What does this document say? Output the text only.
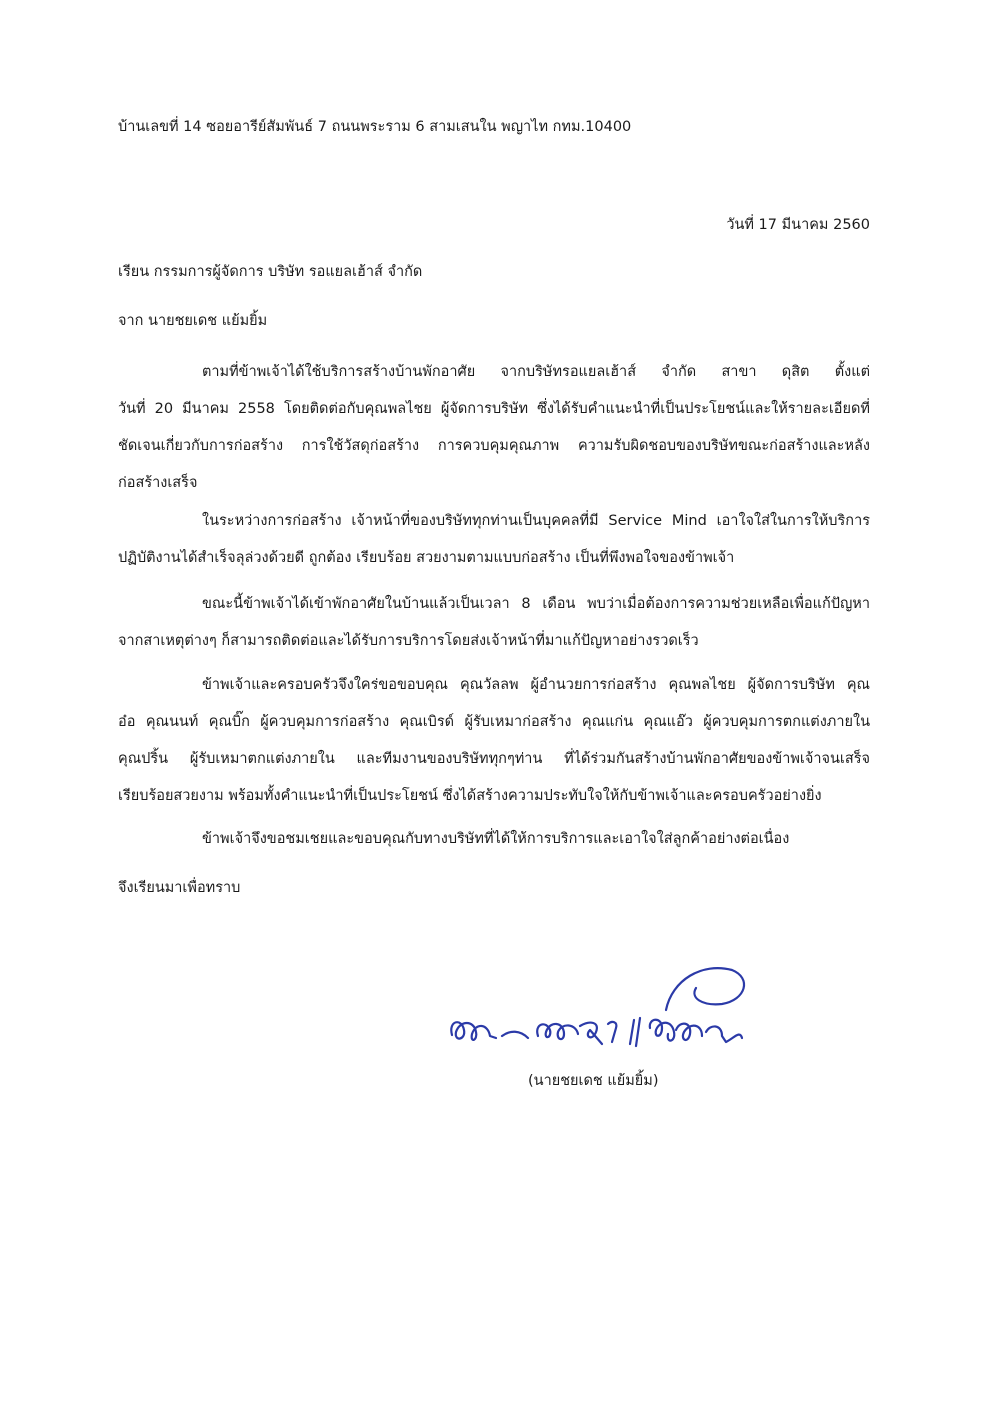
บ้านเลขที่ 14 ซอยอารีย์สัมพันธ์ 7 ถนนพระราม 6 สามเสนใน พญาไท กทม.10400
วันที่ 17 มีนาคม 2560
เรียน กรรมการผู้จัดการ บริษัท รอแยลเฮ้าส์ จำกัด
จาก นายชยเดช แย้มยิ้ม
ตามที่ข้าพเจ้าได้ใช้บริการสร้างบ้านพักอาศัย จากบริษัทรอแยลเฮ้าส์ จำกัด สาขา ดุสิต ตั้งแต่
วันที่ 20 มีนาคม 2558 โดยติดต่อกับคุณพลไชย ผู้จัดการบริษัท ซึ่งได้รับคำแนะนำที่เป็นประโยชน์และให้รายละเอียดที่
ชัดเจนเกี่ยวกับการก่อสร้าง การใช้วัสดุก่อสร้าง การควบคุมคุณภาพ ความรับผิดชอบของบริษัทขณะก่อสร้างและหลัง
ก่อสร้างเสร็จ
ในระหว่างการก่อสร้าง เจ้าหน้าที่ของบริษัททุกท่านเป็นบุคคลที่มี Service Mind เอาใจใส่ในการให้บริการ
ปฏิบัติงานได้สำเร็จลุล่วงด้วยดี ถูกต้อง เรียบร้อย สวยงามตามแบบก่อสร้าง เป็นที่พึงพอใจของข้าพเจ้า
ขณะนี้ข้าพเจ้าได้เข้าพักอาศัยในบ้านแล้วเป็นเวลา 8 เดือน พบว่าเมื่อต้องการความช่วยเหลือเพื่อแก้ปัญหา
จากสาเหตุต่างๆ ก็สามารถติดต่อและได้รับการบริการโดยส่งเจ้าหน้าที่มาแก้ปัญหาอย่างรวดเร็ว
ข้าพเจ้าและครอบครัวจึงใคร่ขอขอบคุณ คุณวัลลพ ผู้อำนวยการก่อสร้าง คุณพลไชย ผู้จัดการบริษัท คุณ
อ๋อ คุณนนท์ คุณบิ๊ก ผู้ควบคุมการก่อสร้าง คุณเบิรด์ ผู้รับเหมาก่อสร้าง คุณแก่น คุณแอ๊ว ผู้ควบคุมการตกแต่งภายใน
คุณปริ้น ผู้รับเหมาตกแต่งภายใน และทีมงานของบริษัททุกๆท่าน ที่ได้ร่วมกันสร้างบ้านพักอาศัยของข้าพเจ้าจนเสร็จ
เรียบร้อยสวยงาม พร้อมทั้งคำแนะนำที่เป็นประโยชน์ ซึ่งได้สร้างความประทับใจให้กับข้าพเจ้าและครอบครัวอย่างยิ่ง
ข้าพเจ้าจึงขอชมเชยและขอบคุณกับทางบริษัทที่ได้ให้การบริการและเอาใจใส่ลูกค้าอย่างต่อเนื่อง
จึงเรียนมาเพื่อทราบ
(นายชยเดช แย้มยิ้ม)
